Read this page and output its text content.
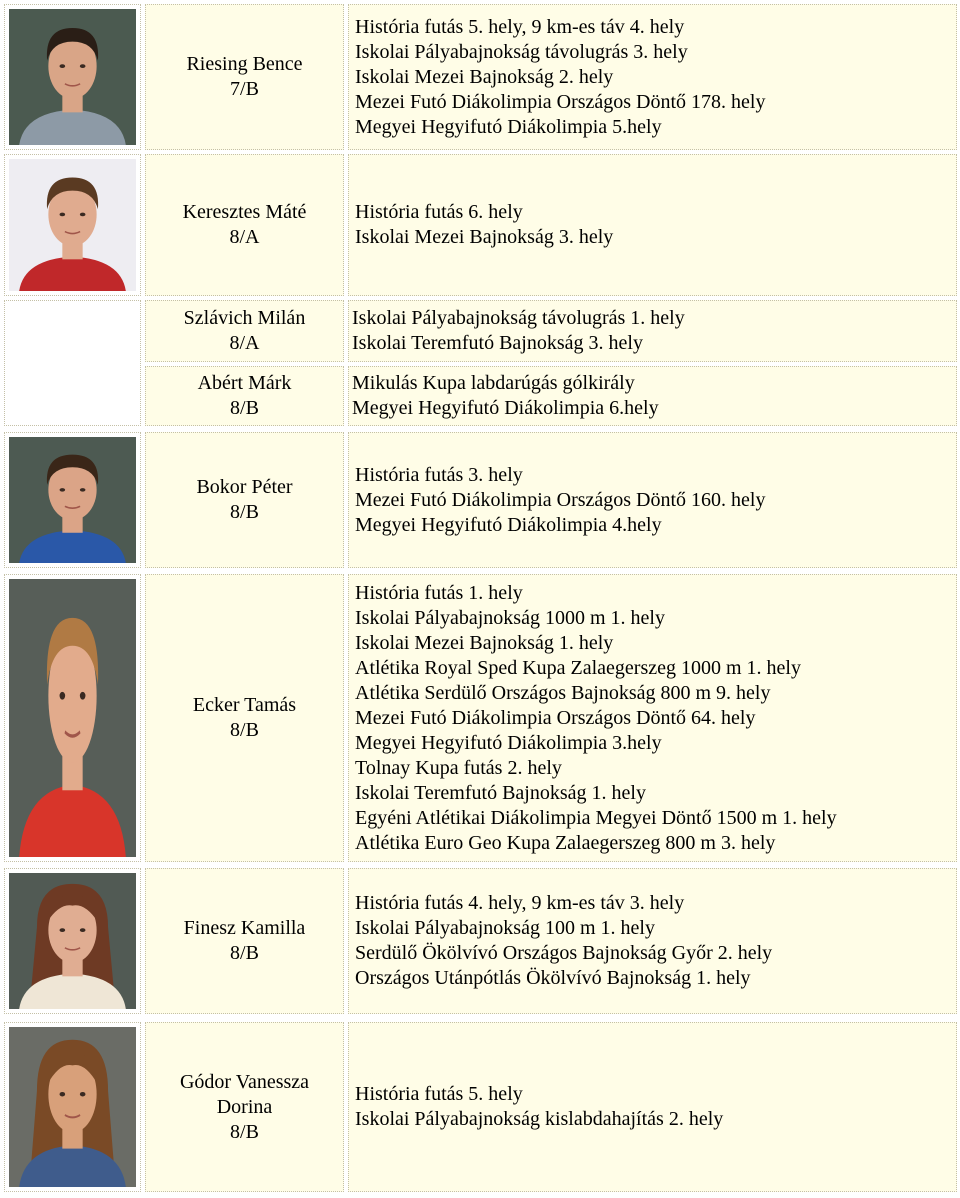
Riesing Bence
7/B
História futás 5. hely, 9 km-es táv 4. hely
Iskolai Pályabajnokság távolugrás 3. hely
Iskolai Mezei Bajnokság 2. hely
Mezei Futó Diákolimpia Országos Döntő 178. hely
Megyei Hegyifutó Diákolimpia 5.hely
Keresztes Máté
8/A
História futás 6. hely
Iskolai Mezei Bajnokság 3. hely
Szlávich Milán
8/A
Iskolai Pályabajnokság távolugrás 1. hely
Iskolai Teremfutó Bajnokság 3. hely
Abért Márk
8/B
Mikulás Kupa labdarúgás gólkirály
Megyei Hegyifutó Diákolimpia 6.hely
Bokor Péter
8/B
História futás 3. hely
Mezei Futó Diákolimpia Országos Döntő 160. hely
Megyei Hegyifutó Diákolimpia 4.hely
Ecker Tamás
8/B
História futás 1. hely
Iskolai Pályabajnokság 1000 m 1. hely
Iskolai Mezei Bajnokság 1. hely
Atlétika Royal Sped Kupa Zalaegerszeg 1000 m 1. hely
Atlétika Serdülő Országos Bajnokság 800 m 9. hely
Mezei Futó Diákolimpia Országos Döntő 64. hely
Megyei Hegyifutó Diákolimpia 3.hely
Tolnay Kupa futás 2. hely
Iskolai Teremfutó Bajnokság 1. hely
Egyéni Atlétikai Diákolimpia Megyei Döntő 1500 m 1. hely
Atlétika Euro Geo Kupa Zalaegerszeg 800 m 3. hely
Finesz Kamilla
8/B
História futás 4. hely, 9 km-es táv 3. hely
Iskolai Pályabajnokság 100 m 1. hely
Serdülő Ökölvívó Országos Bajnokság Győr 2. hely
Országos Utánpótlás Ökölvívó Bajnokság 1. hely
Gódor Vanessza Dorina
8/B
História futás 5. hely
Iskolai Pályabajnokság kislabdahajítás 2. hely
